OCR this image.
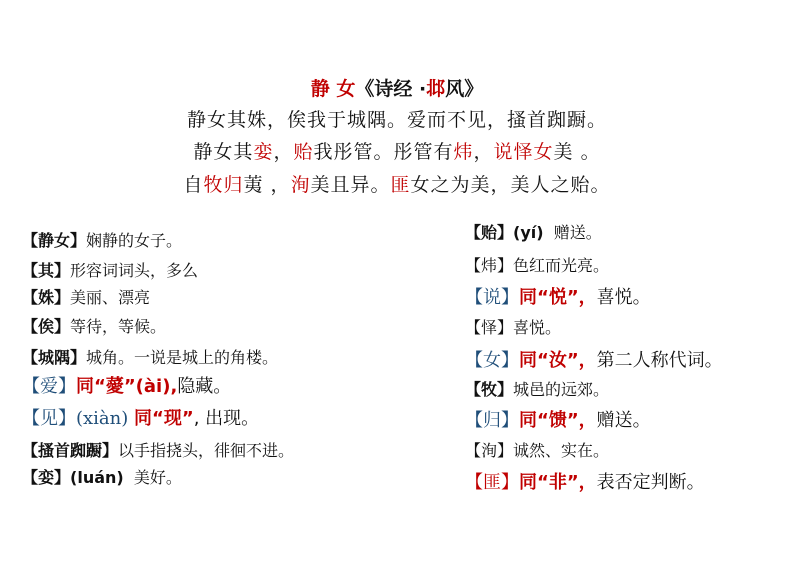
静 女《诗经 ·邶风》
静女其姝，俟我于城隅。爱而不见，搔首踟蹰。
静女其娈，贻我彤管。彤管有炜，说怿女美 。
自牧归荑 ，洵美且异。匪女之为美，美人之贻。
【静女】娴静的女子。
【其】形容词词头，多么
【姝】美丽、漂亮
【俟】等待，等候。
【城隅】城角。一说是城上的角楼。
【爱】同“薆”(ài),隐藏。
【见】(xiàn) 同“现”, 出现。
【搔首踟蹰】以手指挠头，徘徊不进。
【娈】(luán) 美好。
【贻】(yí) 赠送。
【炜】色红而光亮。
【说】同“悦”，喜悦。
【怿】喜悦。
【女】同“汝”，第二人称代词。
【牧】城邑的远郊。
【归】同“馈”，赠送。
【洵】诚然、实在。
【匪】同“非”，表否定判断。
